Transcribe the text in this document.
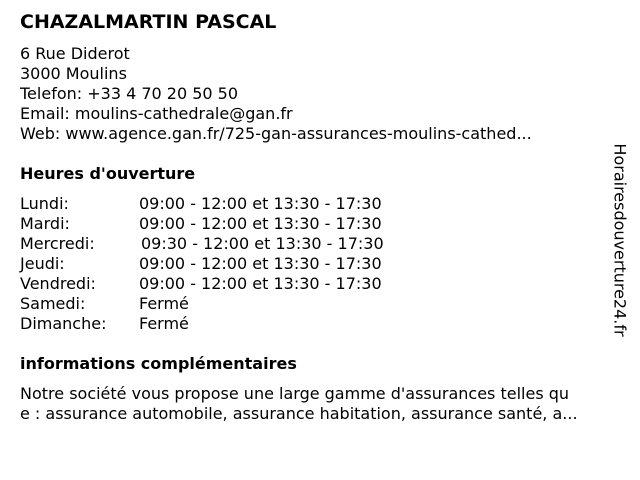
CHAZALMARTIN PASCAL
6 Rue Diderot
3000 Moulins
Telefon: +33 4 70 20 50 50
Email: moulins-cathedrale@gan.fr
Web: www.agence.gan.fr/725-gan-assurances-moulins-cathed...
Heures d'ouverture
Lundi:	09:00 - 12:00 et 13:30 - 17:30
Mardi:	09:00 - 12:00 et 13:30 - 17:30
Mercredi:	09:30 - 12:00 et 13:30 - 17:30
Jeudi:	09:00 - 12:00 et 13:30 - 17:30
Vendredi:	09:00 - 12:00 et 13:30 - 17:30
Samedi:	Fermé
Dimanche: Fermé
informations complémentaires
Notre société vous propose une large gamme d'assurances telles qu
e : assurance automobile, assurance habitation, assurance santé, a...
Horairesdouverture24.fr
